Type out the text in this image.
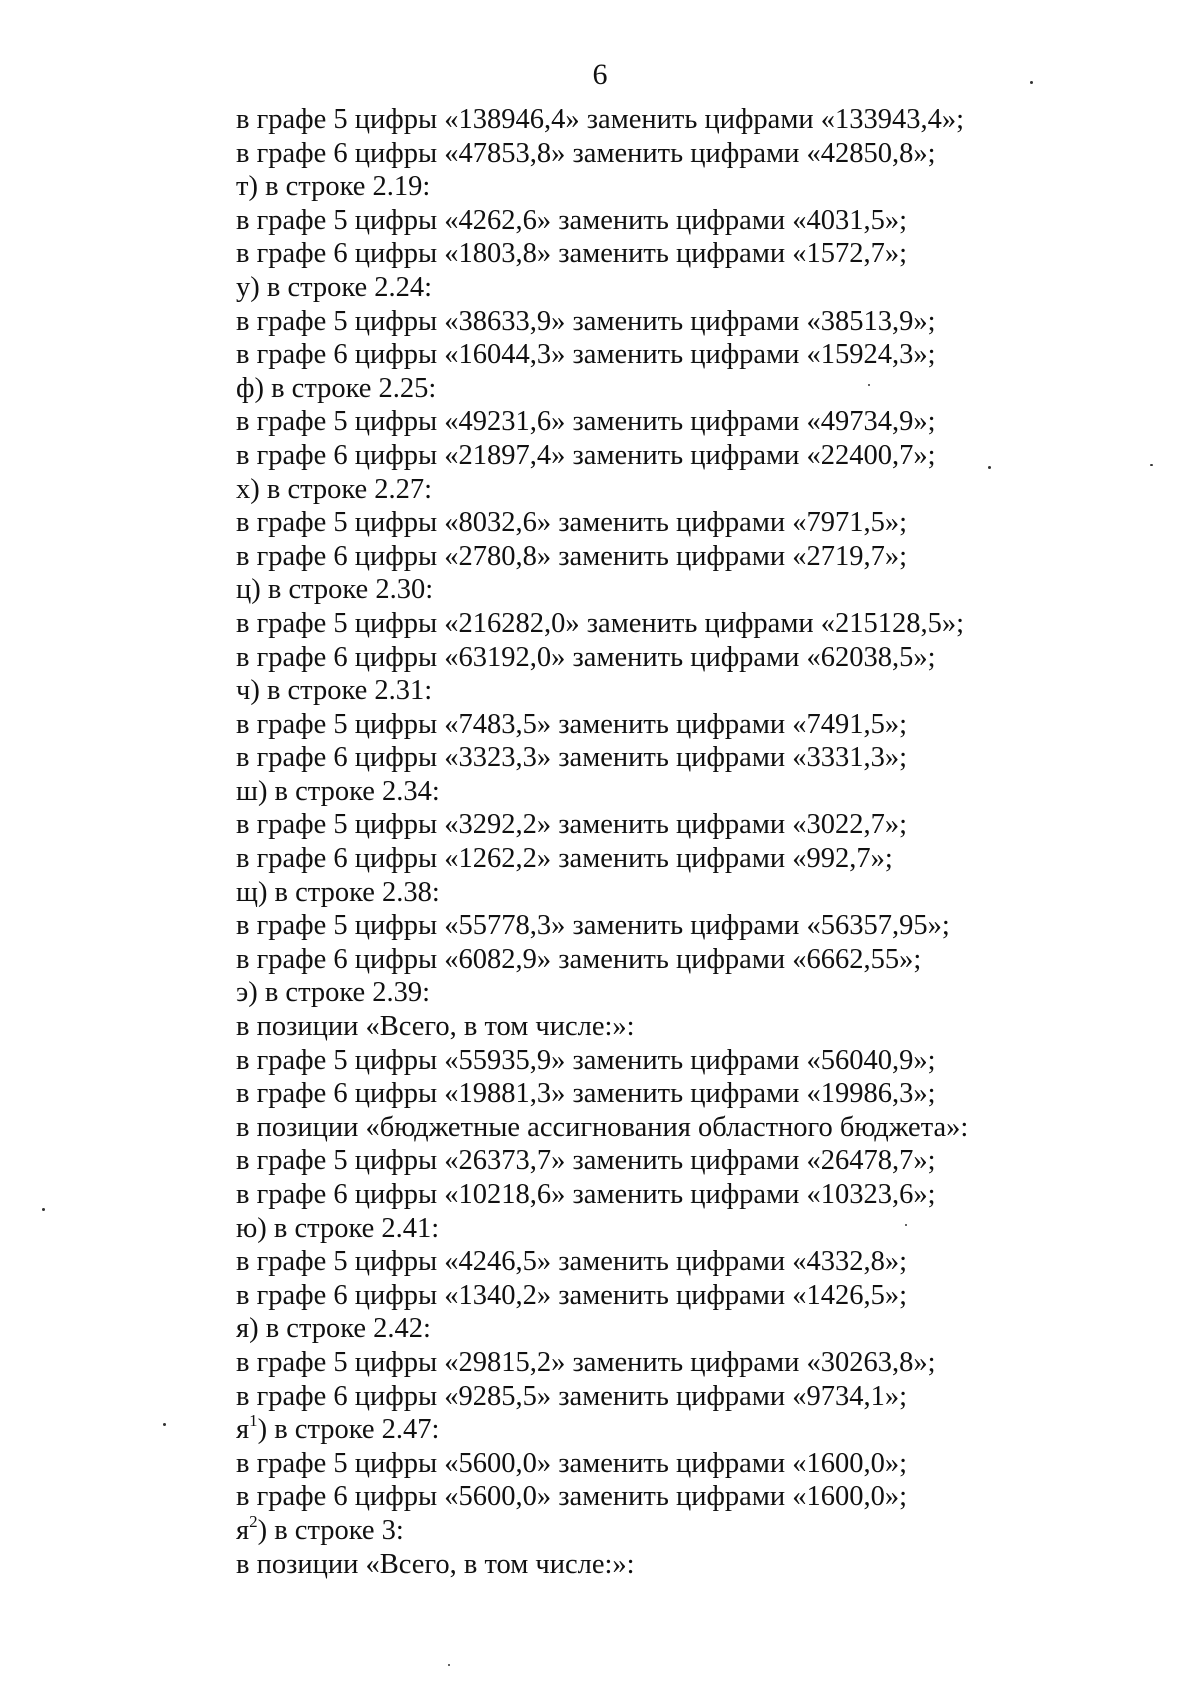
6
в графе 5 цифры «138946,4» заменить цифрами «133943,4»;
в графе 6 цифры «47853,8» заменить цифрами «42850,8»;
т) в строке 2.19:
в графе 5 цифры «4262,6» заменить цифрами «4031,5»;
в графе 6 цифры «1803,8» заменить цифрами «1572,7»;
у) в строке 2.24:
в графе 5 цифры «38633,9» заменить цифрами «38513,9»;
в графе 6 цифры «16044,3» заменить цифрами «15924,3»;
ф) в строке 2.25:
в графе 5 цифры «49231,6» заменить цифрами «49734,9»;
в графе 6 цифры «21897,4» заменить цифрами «22400,7»;
х) в строке 2.27:
в графе 5 цифры «8032,6» заменить цифрами «7971,5»;
в графе 6 цифры «2780,8» заменить цифрами «2719,7»;
ц) в строке 2.30:
в графе 5 цифры «216282,0» заменить цифрами «215128,5»;
в графе 6 цифры «63192,0» заменить цифрами «62038,5»;
ч) в строке 2.31:
в графе 5 цифры «7483,5» заменить цифрами «7491,5»;
в графе 6 цифры «3323,3» заменить цифрами «3331,3»;
ш) в строке 2.34:
в графе 5 цифры «3292,2» заменить цифрами «3022,7»;
в графе 6 цифры «1262,2» заменить цифрами «992,7»;
щ) в строке 2.38:
в графе 5 цифры «55778,3» заменить цифрами «56357,95»;
в графе 6 цифры «6082,9» заменить цифрами «6662,55»;
э) в строке 2.39:
в позиции «Всего, в том числе:»:
в графе 5 цифры «55935,9» заменить цифрами «56040,9»;
в графе 6 цифры «19881,3» заменить цифрами «19986,3»;
в позиции «бюджетные ассигнования областного бюджета»:
в графе 5 цифры «26373,7» заменить цифрами «26478,7»;
в графе 6 цифры «10218,6» заменить цифрами «10323,6»;
ю) в строке 2.41:
в графе 5 цифры «4246,5» заменить цифрами «4332,8»;
в графе 6 цифры «1340,2» заменить цифрами «1426,5»;
я) в строке 2.42:
в графе 5 цифры «29815,2» заменить цифрами «30263,8»;
в графе 6 цифры «9285,5» заменить цифрами «9734,1»;
$я^1$) в строке 2.47:
в графе 5 цифры «5600,0» заменить цифрами «1600,0»;
в графе 6 цифры «5600,0» заменить цифрами «1600,0»;
$я^2$) в строке 3:
в позиции «Всего, в том числе:»:
